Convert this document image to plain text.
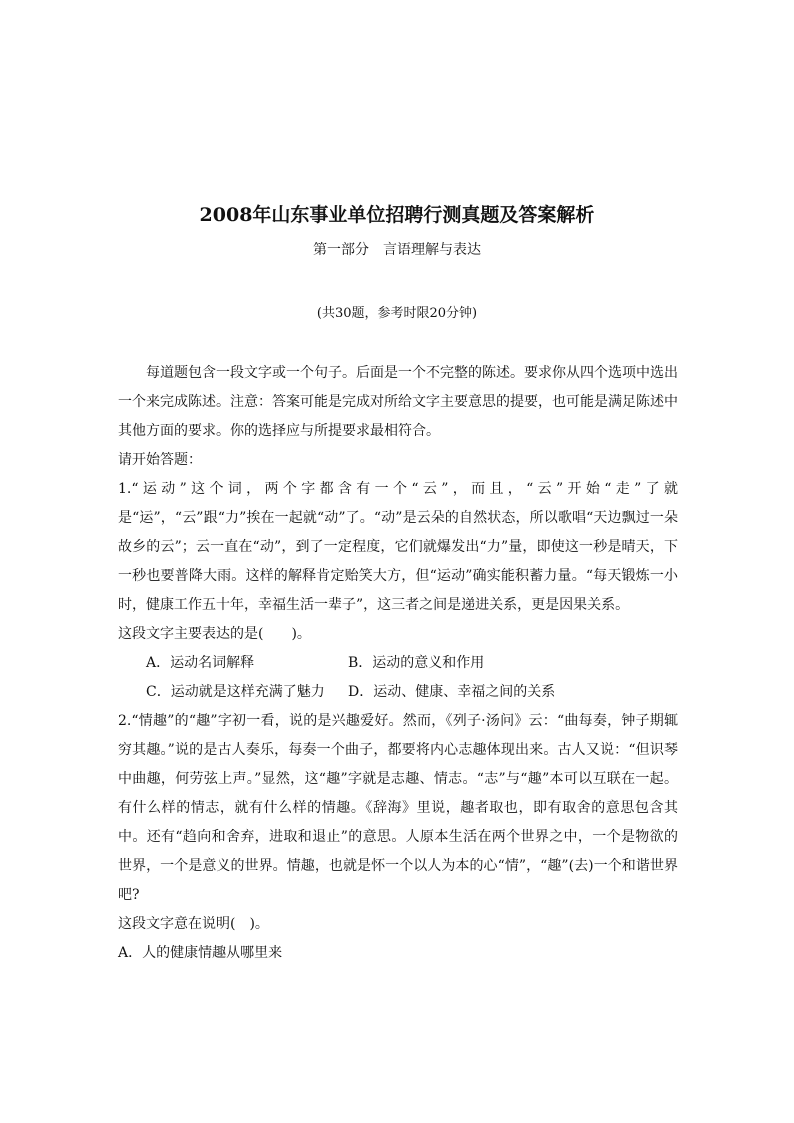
2008年山东事业单位招聘行测真题及答案解析
第一部分　言语理解与表达
(共30题，参考时限20分钟)

每道题包含一段文字或一个句子。后面是一个不完整的陈述。要求你从四个选项中选出一个来完成陈述。注意：答案可能是完成对所给文字主要意思的提要，也可能是满足陈述中其他方面的要求。你的选择应与所提要求最相符合。

请开始答题：

1.“运动”这个词，两个字都含有一个“云”，而且，“云”开始“走”了就是“运”，“云”跟“力”挨在一起就“动”了。“动”是云朵的自然状态，所以歌唱“天边飘过一朵故乡的云”；云一直在“动”，到了一定程度，它们就爆发出“力”量，即使这一秒是晴天，下一秒也要普降大雨。这样的解释肯定贻笑大方，但“运动”确实能积蓄力量。“每天锻炼一小时，健康工作五十年，幸福生活一辈子”，这三者之间是递进关系，更是因果关系。

这段文字主要表达的是(　　)。

A．运动名词解释	B．运动的意义和作用
C．运动就是这样充满了魅力	D．运动、健康、幸福之间的关系

2.“情趣”的“趣”字初一看，说的是兴趣爱好。然而，《列子·汤问》云：“曲每奏，钟子期辄穷其趣。”说的是古人奏乐，每奏一个曲子，都要将内心志趣体现出来。古人又说：“但识琴中曲趣，何劳弦上声。”显然，这“趣”字就是志趣、情志。“志”与“趣”本可以互联在一起。有什么样的情志，就有什么样的情趣。《辞海》里说，趣者取也，即有取舍的意思包含其中。还有“趋向和舍弃，进取和退止”的意思。人原本生活在两个世界之中，一个是物欲的世界，一个是意义的世界。情趣，也就是怀一个以人为本的心“情”，“趣”(去)一个和谐世界吧?

这段文字意在说明(　)。

A．人的健康情趣从哪里来
